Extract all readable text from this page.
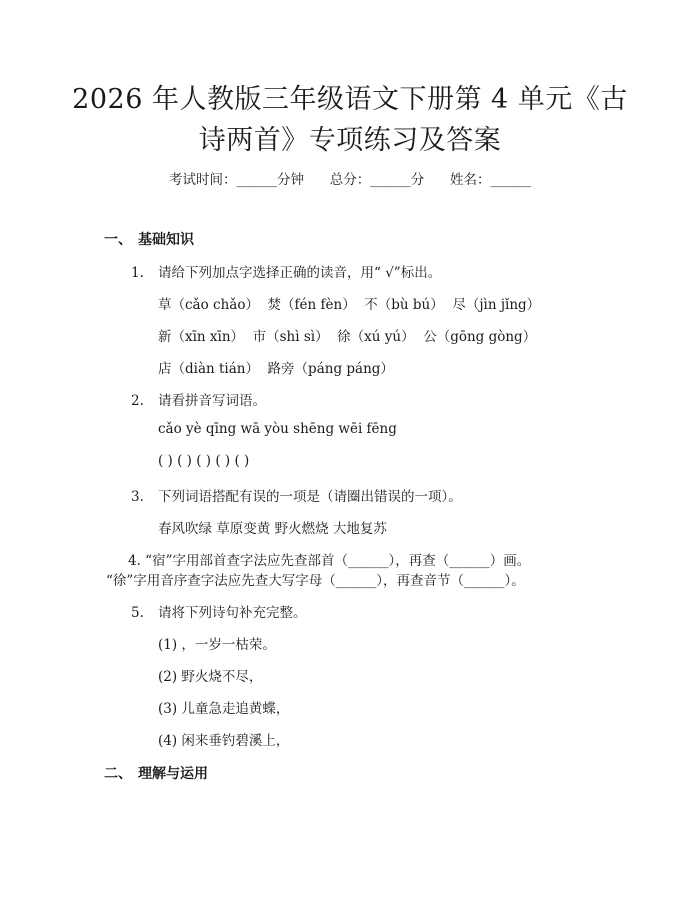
2026 年人教版三年级语文下册第 4 单元《古
诗两首》专项练习及答案
考试时间：______分钟      总分：______分      姓名：______
一、 基础知识
1. 请给下列加点字选择正确的读音，用“ √”标出。
草（cǎo chǎo）  焚（fén fèn）  不（bù bú）  尽（jìn jǐng）
新（xīn xīn）  市（shì sì）  徐（xú yú）  公（gōng gòng）
店（diàn tián）  路旁（páng páng）
2. 请看拼音写词语。
cǎo yè qīng wā yòu shēng wēi fēng
( ) ( ) ( ) ( ) ( )
3. 下列词语搭配有误的一项是（请圈出错误的一项）。
春风吹绿 草原变黄 野火燃烧 大地复苏
4. “宿”字用部首查字法应先查部首（______），再查（______）画。
“徐”字用音序查字法应先查大写字母（______），再查音节（______）。
5. 请将下列诗句补充完整。
(1) ，一岁一枯荣。
(2) 野火烧不尽，
(3) 儿童急走追黄蝶，
(4) 闲来垂钓碧溪上，
二、 理解与运用
